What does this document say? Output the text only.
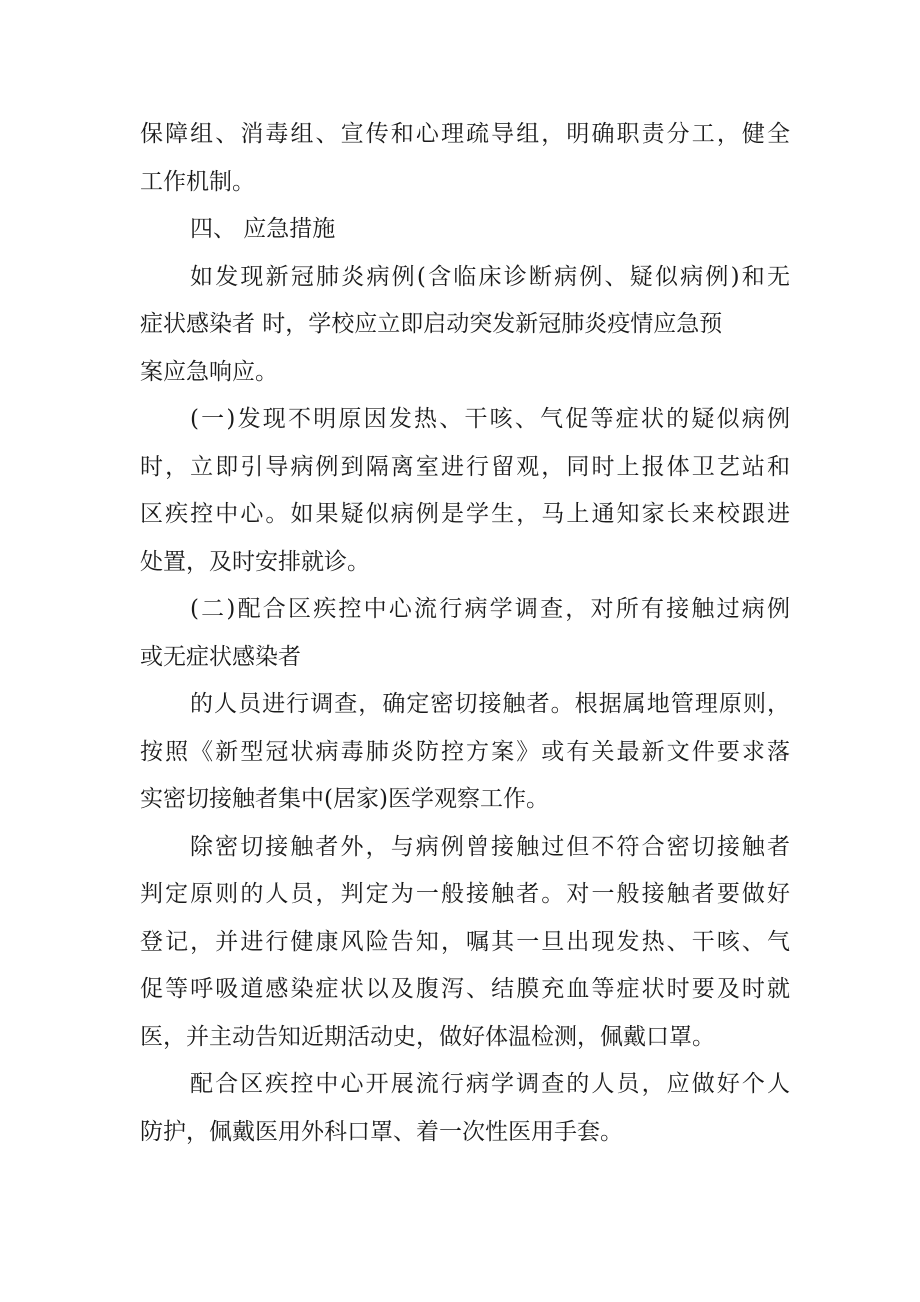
保障组、消毒组、宣传和心理疏导组，明确职责分工，健全
工作机制。
四、 应急措施
如发现新冠肺炎病例(含临床诊断病例、疑似病例)和无
症状感染者 时，学校应立即启动突发新冠肺炎疫情应急预
案应急响应。
(一)发现不明原因发热、干咳、气促等症状的疑似病例
时，立即引导病例到隔离室进行留观，同时上报体卫艺站和
区疾控中心。如果疑似病例是学生，马上通知家长来校跟进
处置，及时安排就诊。
(二)配合区疾控中心流行病学调查，对所有接触过病例
或无症状感染者
的人员进行调查，确定密切接触者。根据属地管理原则，
按照《新型冠状病毒肺炎防控方案》或有关最新文件要求落
实密切接触者集中(居家)医学观察工作。
除密切接触者外，与病例曾接触过但不符合密切接触者
判定原则的人员，判定为一般接触者。对一般接触者要做好
登记，并进行健康风险告知，嘱其一旦出现发热、干咳、气
促等呼吸道感染症状以及腹泻、结膜充血等症状时要及时就
医，并主动告知近期活动史，做好体温检测，佩戴口罩。
配合区疾控中心开展流行病学调查的人员，应做好个人
防护，佩戴医用外科口罩、着一次性医用手套。
